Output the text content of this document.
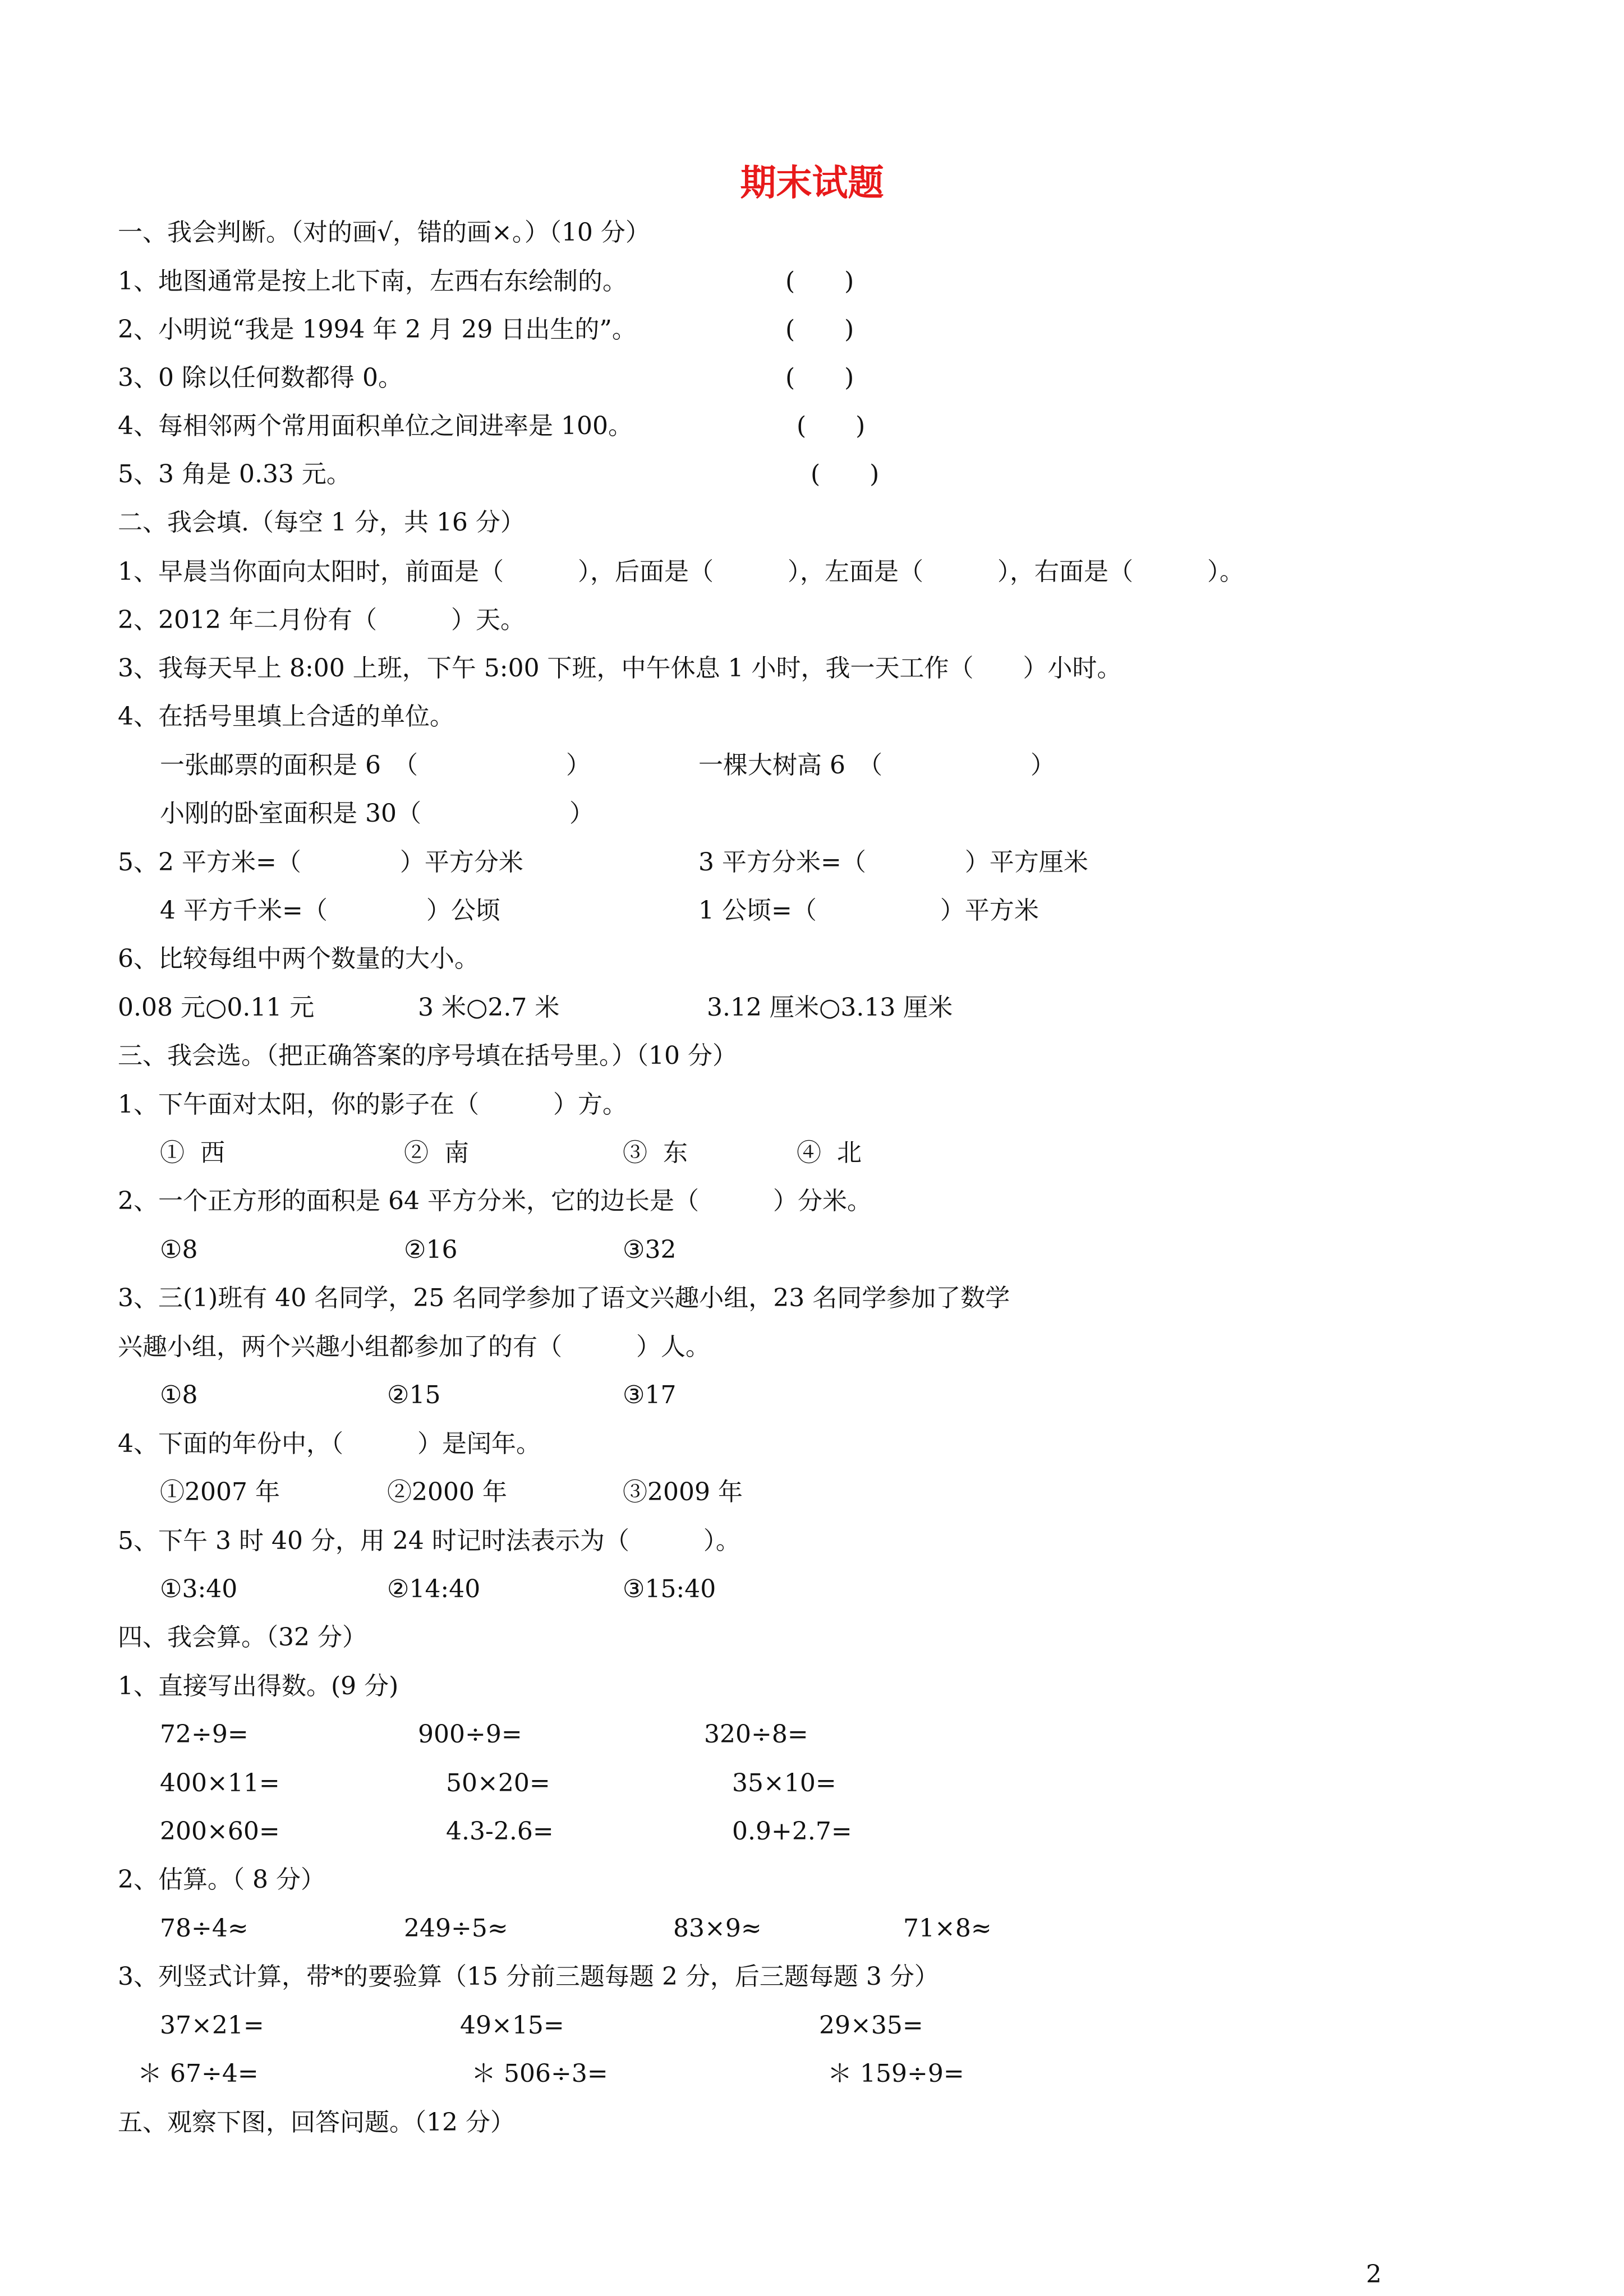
期末试题
一、我会判断。（对的画√，错的画×。）（10 分）
1、地图通常是按上北下南，左西右东绘制的。	(　　)
2、小明说“我是 1994 年 2 月 29 日出生的”。	(　　)
3、0 除以任何数都得 0。	(　　)
4、每相邻两个常用面积单位之间进率是 100。	(　　)
5、3 角是 0.33 元。	(　　)
二、我会填.（每空 1 分，共 16 分）
1、早晨当你面向太阳时，前面是（　　　），后面是（　　　），左面是（　　　），右面是（　　　）。
2、2012 年二月份有（　　　）天。
3、我每天早上 8:00 上班，下午 5:00 下班，中午休息 1 小时，我一天工作（　　）小时。
4、在括号里填上合适的单位。
一张邮票的面积是 6　（　　　　　　）	一棵大树高 6　（　　　　　　）
小刚的卧室面积是 30（　　　　　　）
5、2 平方米=（　　　　）平方分米	3 平方分米=（　　　　）平方厘米
4 平方千米=（　　　　）公顷	1 公顷=（　　　　　）平方米
6、比较每组中两个数量的大小。
0.08 元○0.11 元	3 米○2.7 米	3.12 厘米○3.13 厘米
三、我会选。（把正确答案的序号填在括号里。）（10 分）
1、下午面对太阳，你的影子在（　　　）方。
①  西	②  南	③  东	④  北
2、一个正方形的面积是 64 平方分米，它的边长是（　　　）分米。
①8	②16	③32
3、三(1)班有 40 名同学，25 名同学参加了语文兴趣小组，23 名同学参加了数学
兴趣小组，两个兴趣小组都参加了的有（　　　）人。
①8	②15	③17
4、下面的年份中，（　　　）是闰年。
①2007 年	②2000 年	③2009 年
5、下午 3 时 40 分，用 24 时记时法表示为（　　　）。
①3:40	②14:40	③15:40
四、我会算。（32 分）
1、直接写出得数。(9 分)
72÷9=	900÷9=	320÷8=
400×11=	50×20=	35×10=
200×60=	4.3-2.6=	0.9+2.7=
2、估算。（ 8 分）
78÷4≈	249÷5≈	83×9≈	71×8≈
3、列竖式计算，带*的要验算（15 分前三题每题 2 分，后三题每题 3 分）
37×21=	49×15=	29×35=
＊ 67÷4=	＊ 506÷3=	＊ 159÷9=
五、观察下图，回答问题。（12 分）
2
